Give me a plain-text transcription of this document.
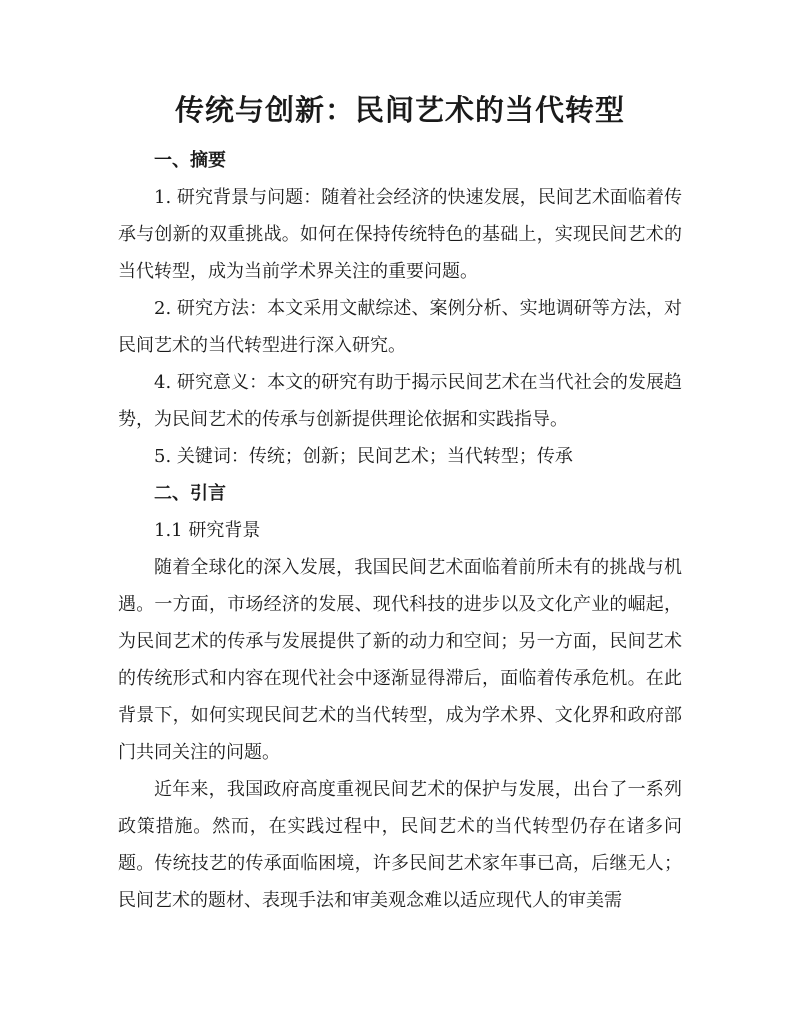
传统与创新：民间艺术的当代转型

一、摘要

1. 研究背景与问题：随着社会经济的快速发展，民间艺术面临着传承与创新的双重挑战。如何在保持传统特色的基础上，实现民间艺术的当代转型，成为当前学术界关注的重要问题。

2. 研究方法：本文采用文献综述、案例分析、实地调研等方法，对民间艺术的当代转型进行深入研究。

4. 研究意义：本文的研究有助于揭示民间艺术在当代社会的发展趋势，为民间艺术的传承与创新提供理论依据和实践指导。

5. 关键词：传统；创新；民间艺术；当代转型；传承

二、引言

1.1 研究背景

随着全球化的深入发展，我国民间艺术面临着前所未有的挑战与机遇。一方面，市场经济的发展、现代科技的进步以及文化产业的崛起，为民间艺术的传承与发展提供了新的动力和空间；另一方面，民间艺术的传统形式和内容在现代社会中逐渐显得滞后，面临着传承危机。在此背景下，如何实现民间艺术的当代转型，成为学术界、文化界和政府部门共同关注的问题。

近年来，我国政府高度重视民间艺术的保护与发展，出台了一系列政策措施。然而，在实践过程中，民间艺术的当代转型仍存在诸多问题。传统技艺的传承面临困境，许多民间艺术家年事已高，后继无人；民间艺术的题材、表现手法和审美观念难以适应现代人的审美需
